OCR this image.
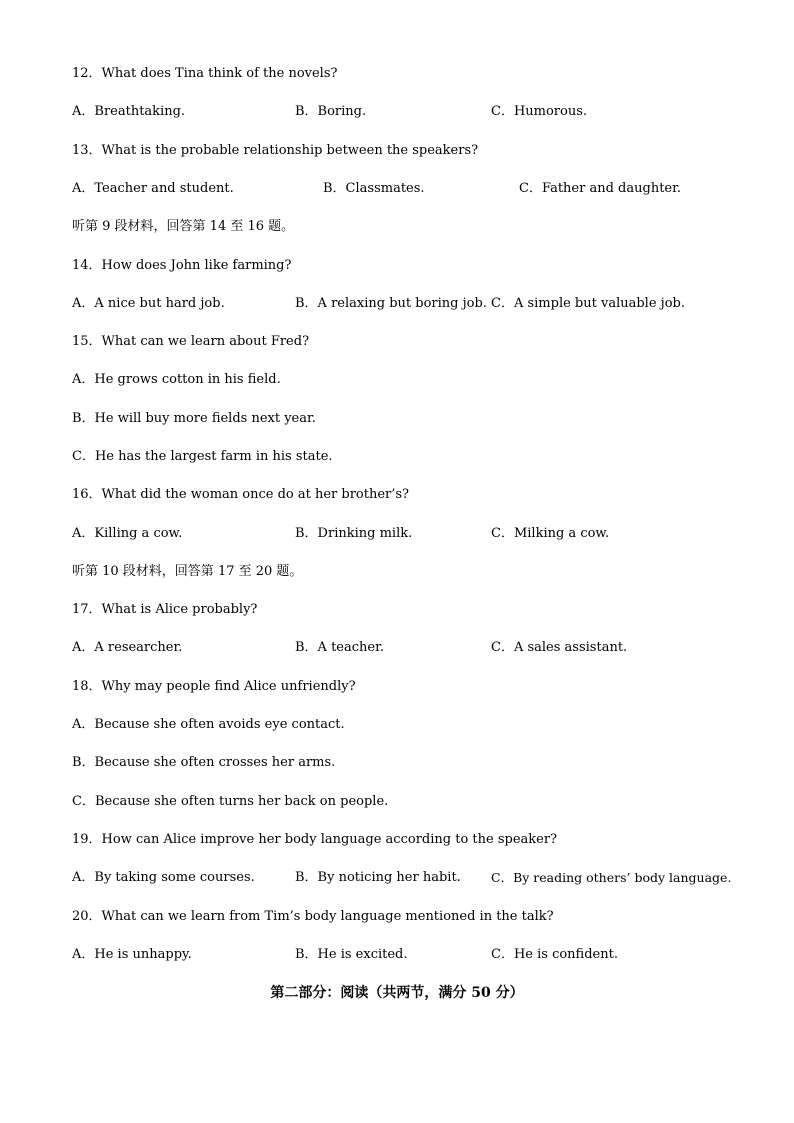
12．What does Tina think of the novels?
A．Breathtaking.	B．Boring.	C．Humorous.
13．What is the probable relationship between the speakers?
A．Teacher and student.	B．Classmates.	C．Father and daughter.
听第 9 段材料，回答第 14 至 16 题。
14．How does John like farming?
A．A nice but hard job.	B．A relaxing but boring job. C．A simple but valuable job.
15．What can we learn about Fred?
A．He grows cotton in his field.
B．He will buy more fields next year.
C．He has the largest farm in his state.
16．What did the woman once do at her brother’s?
A．Killing a cow.	B．Drinking milk.	C．Milking a cow.
听第 10 段材料，回答第 17 至 20 题。
17．What is Alice probably?
A．A researcher.	B．A teacher.	C．A sales assistant.
18．Why may people find Alice unfriendly?
A．Because she often avoids eye contact.
B．Because she often crosses her arms.
C．Because she often turns her back on people.
19．How can Alice improve her body language according to the speaker?
A．By taking some courses.	B．By noticing her habit. C．By reading others’ body language.
20．What can we learn from Tim’s body language mentioned in the talk?
A．He is unhappy.	B．He is excited.	C．He is confident.
第二部分：阅读（共两节，满分 50 分）
